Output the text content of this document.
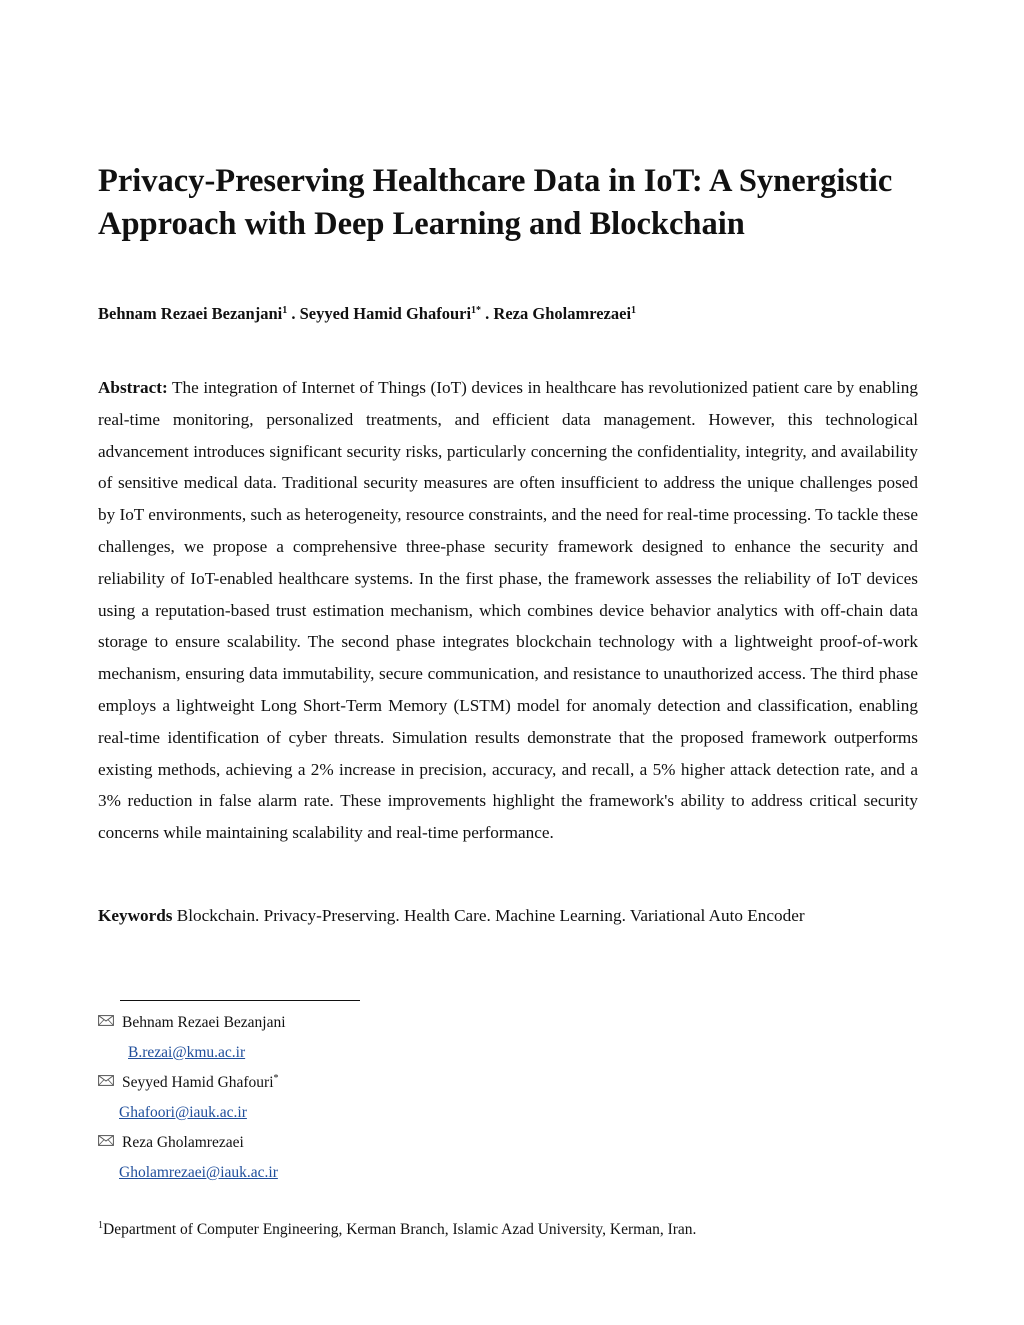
Privacy-Preserving Healthcare Data in IoT: A Synergistic
Approach with Deep Learning and Blockchain
Behnam Rezaei Bezanjani$^1$ . Seyyed Hamid Ghafouri$^{1*}$ . Reza Gholamrezaei$^1$

Abstract: The integration of Internet of Things (IoT) devices in healthcare has revolutionized patient care by enabling real-time monitoring, personalized treatments, and efficient data management. However, this technological advancement introduces significant security risks, particularly concerning the confidentiality, integrity, and availability of sensitive medical data. Traditional security measures are often insufficient to address the unique challenges posed by IoT environments, such as heterogeneity, resource constraints, and the need for real-time processing. To tackle these challenges, we propose a comprehensive three-phase security framework designed to enhance the security and reliability of IoT-enabled healthcare systems. In the first phase, the framework assesses the reliability of IoT devices using a reputation-based trust estimation mechanism, which combines device behavior analytics with off-chain data storage to ensure scalability. The second phase integrates blockchain technology with a lightweight proof-of-work mechanism, ensuring data immutability, secure communication, and resistance to unauthorized access. The third phase employs a lightweight Long Short-Term Memory (LSTM) model for anomaly detection and classification, enabling real-time identification of cyber threats. Simulation results demonstrate that the proposed framework outperforms existing methods, achieving a 2% increase in precision, accuracy, and recall, a 5% higher attack detection rate, and a 3% reduction in false alarm rate. These improvements highlight the framework's ability to address critical security concerns while maintaining scalability and real-time performance.

Keywords Blockchain. Privacy-Preserving. Health Care. Machine Learning. Variational Auto Encoder
Behnam Rezaei Bezanjani
B.rezai@kmu.ac.ir
Seyyed Hamid Ghafouri*
Ghafoori@iauk.ac.ir
Reza Gholamrezaei
Gholamrezaei@iauk.ac.ir
$^1$Department of Computer Engineering, Kerman Branch, Islamic Azad University, Kerman, Iran.
